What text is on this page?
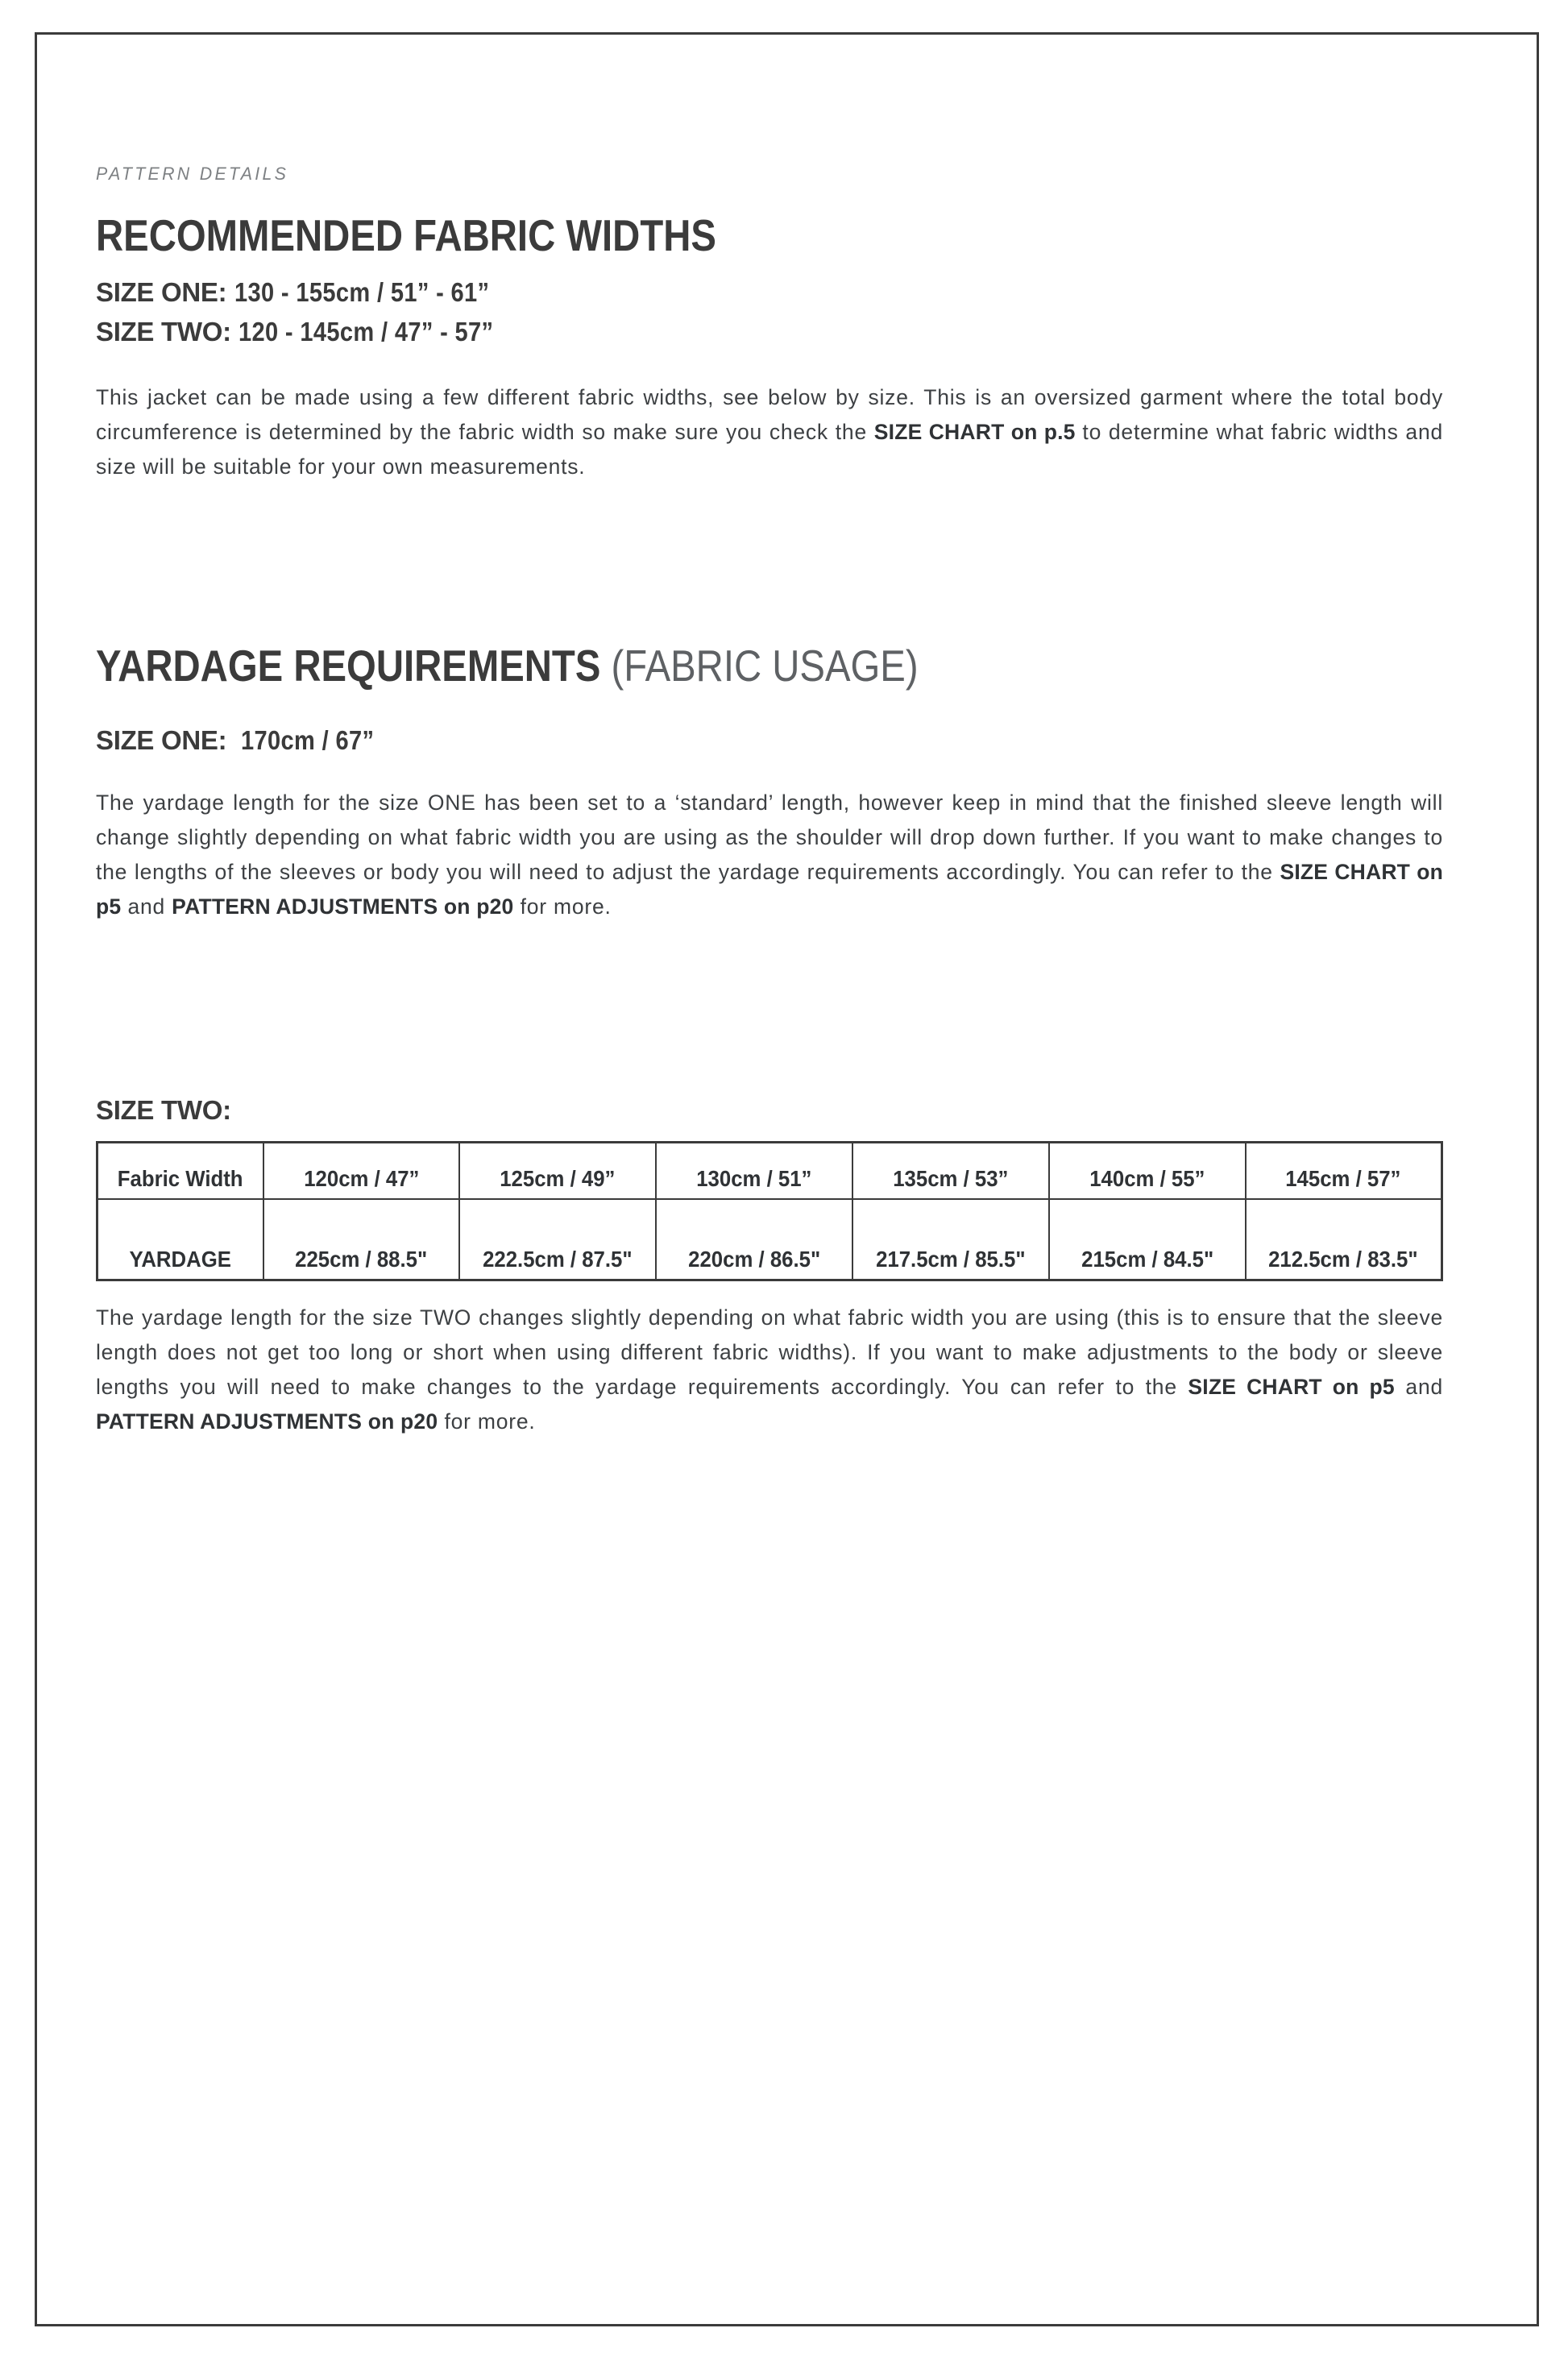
PATTERN DETAILS
RECOMMENDED FABRIC WIDTHS
SIZE ONE: 130 - 155cm / 51” - 61”
SIZE TWO: 120 - 145cm / 47” - 57”

This jacket can be made using a few different fabric widths, see below by size. This is an oversized garment where the total body circumference is determined by the fabric width so make sure you check the SIZE CHART on p.5 to determine what fabric widths and size will be suitable for your own measurements.

YARDAGE REQUIREMENTS (FABRIC USAGE)
SIZE ONE: 170cm / 67”

The yardage length for the size ONE has been set to a ‘standard’ length, however keep in mind that the finished sleeve length will change slightly depending on what fabric width you are using as the shoulder will drop down further. If you want to make changes to the lengths of the sleeves or body you will need to adjust the yardage requirements accordingly. You can refer to the SIZE CHART on p5 and PATTERN ADJUSTMENTS on p20 for more.

SIZE TWO:
Fabric Width	120cm / 47”	125cm / 49”	130cm / 51”	135cm / 53”	140cm / 55”	145cm / 57”
YARDAGE	225cm / 88.5"	222.5cm / 87.5"	220cm / 86.5"	217.5cm / 85.5"	215cm / 84.5"	212.5cm / 83.5"

The yardage length for the size TWO changes slightly depending on what fabric width you are using (this is to ensure that the sleeve length does not get too long or short when using different fabric widths). If you want to make adjustments to the body or sleeve lengths you will need to make changes to the yardage requirements accordingly. You can refer to the SIZE CHART on p5 and PATTERN ADJUSTMENTS on p20 for more.
